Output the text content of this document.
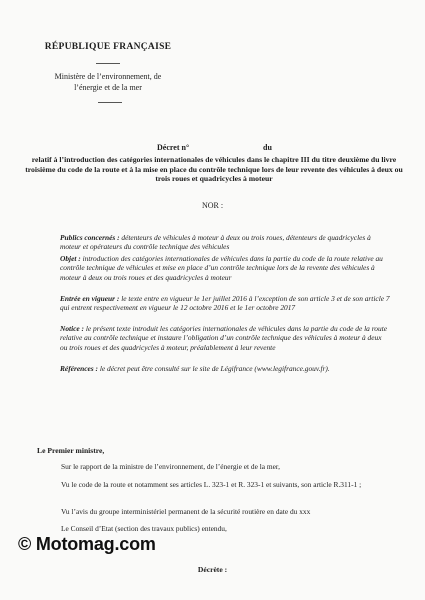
RÉPUBLIQUE FRANÇAISE
Ministère de l’environnement, de
l’énergie et de la mer
Décret n°	du
relatif à l’introduction des catégories internationales de véhicules dans le chapitre III du titre deuxième du livre troisième du code de la route et à la mise en place du contrôle technique lors de leur revente des véhicules à deux ou trois roues et quadricycles à moteur
NOR :
Publics concernés : détenteurs de véhicules à moteur à deux ou trois roues, détenteurs de quadricycles à moteur et opérateurs du contrôle technique des véhicules
Objet : introduction des catégories internationales de véhicules dans la partie du code de la route relative au contrôle technique de véhicules et mise en place d’un contrôle technique lors de la revente des véhicules à moteur à deux ou trois roues et des quadricycles à moteur
Entrée en vigueur : le texte entre en vigueur le 1er juillet 2016 à l’exception de son article 3 et de son article 7 qui entrent respectivement en vigueur le 12 octobre 2016 et le 1er octobre 2017
Notice : le présent texte introduit les catégories internationales de véhicules dans la partie du code de la route relative au contrôle technique et instaure l’obligation d’un contrôle technique des véhicules à moteur à deux ou trois roues et des quadricycles à moteur, préalablement à leur revente
Références : le décret peut être consulté sur le site de Légifrance (www.legifrance.gouv.fr).
Le Premier ministre,
Sur le rapport de la ministre de l’environnement, de l’énergie et de la mer,
Vu le code de la route et notamment ses articles L. 323-1 et R. 323-1 et suivants, son article R.311-1 ;
Vu l’avis du groupe interministériel permanent de la sécurité routière en date du xxx
Le Conseil d’Etat (section des travaux publics) entendu,
© Motomag.com
Décrète :
